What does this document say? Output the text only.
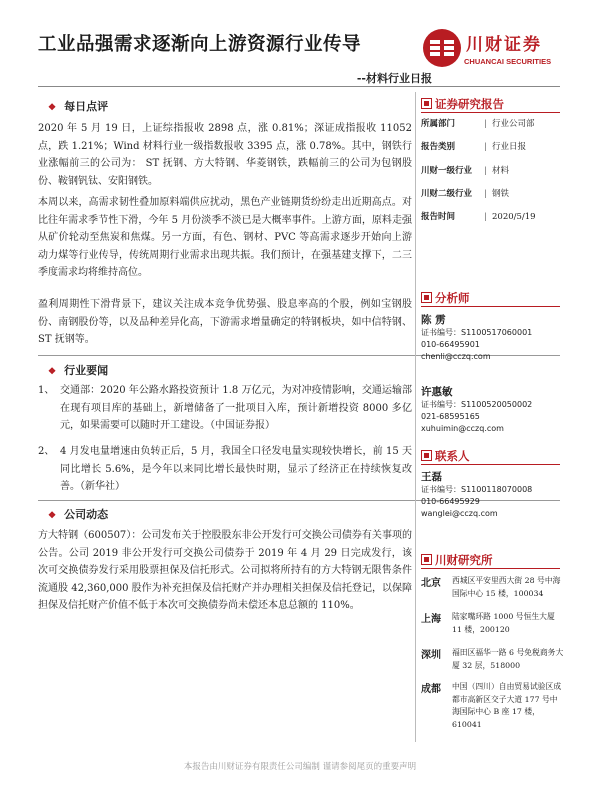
工业品强需求逐渐向上游资源行业传导	川财证券
CHUANCAI SECURITIES
--材料行业日报
❖ 每日点评

2020 年 5 月 19 日，上证综指报收 2898 点，涨 0.81%；深证成指报收 11052 点，跌 1.21%；Wind 材料行业一级指数报收 3395 点，涨 0.78%。其中，钢铁行业涨幅前三的公司为： ST 抚钢、方大特钢、华菱钢铁，跌幅前三的公司为包钢股份、鞍钢钒钛、安阳钢铁。

本周以来，高需求韧性叠加原料端供应扰动，黑色产业链期货纷纷走出近期高点。对比往年需求季节性下滑，今年 5 月份淡季不淡已是大概率事件。上游方面，原料走强从矿价轮动至焦炭和焦煤。另一方面，有色、钢材、PVC 等高需求逐步开始向上游动力煤等行业传导，传统周期行业需求出现共振。我们预计，在强基建支撑下，二三季度需求均将维持高位。

盈利周期性下滑背景下，建议关注成本竞争优势强、股息率高的个股，例如宝钢股份、南钢股份等，以及品种差异化高，下游需求增量确定的特钢板块，如中信特钢、ST 抚钢等。

❖ 行业要闻
1、 交通部：2020 年公路水路投资预计 1.8 万亿元，为对冲疫情影响，交通运输部在现有项目库的基础上，新增储备了一批项目入库，预计新增投资 8000 多亿元，如果需要可以随时开工建设。（中国证券报）
2、 4 月发电量增速由负转正后，5 月，我国全口径发电量实现较快增长，前 15 天同比增长 5.6%，是今年以来同比增长最快时期，显示了经济正在持续恢复改善。（新华社）
❖ 公司动态

方大特钢（600507）：公司发布关于控股股东非公开发行可交换公司债券有关事项的公告。公司 2019 非公开发行可交换公司债券于 2019 年 4 月 29 日完成发行，该次可交换债券发行采用股票担保及信托形式。公司拟将所持有的方大特钢无限售条件流通股 42,360,000 股作为补充担保及信托财产并办理相关担保及信托登记，以保障担保及信托财产价值不低于本次可交换债券尚未偿还本息总额的 110%。

证券研究报告
所属部门	| 行业公司部
报告类别	| 行业日报
川财一级行业 | 材料
川财二级行业 | 钢铁
报告时间	| 2020/5/19
分析师
陈 雳
证书编号：S1100517060001
010-66495901
chenli@cczq.com
许惠敏
证书编号：S1100520050002
021-68595165
xuhuimin@cczq.com
联系人
王磊
证书编号：S1100118070008
010-66495929
wanglei@cczq.com
川财研究所
北京 西城区平安里西大街 28 号中海国际中心 15 楼，100034
上海 陆家嘴环路 1000 号恒生大厦 11 楼，200120
深圳 福田区福华一路 6 号免税商务大厦 32 层，518000
成都 中国（四川）自由贸易试验区成都市高新区交子大道 177 号中海国际中心 B 座 17 楼，610041
本报告由川财证券有限责任公司编制 谨请参阅尾页的重要声明
